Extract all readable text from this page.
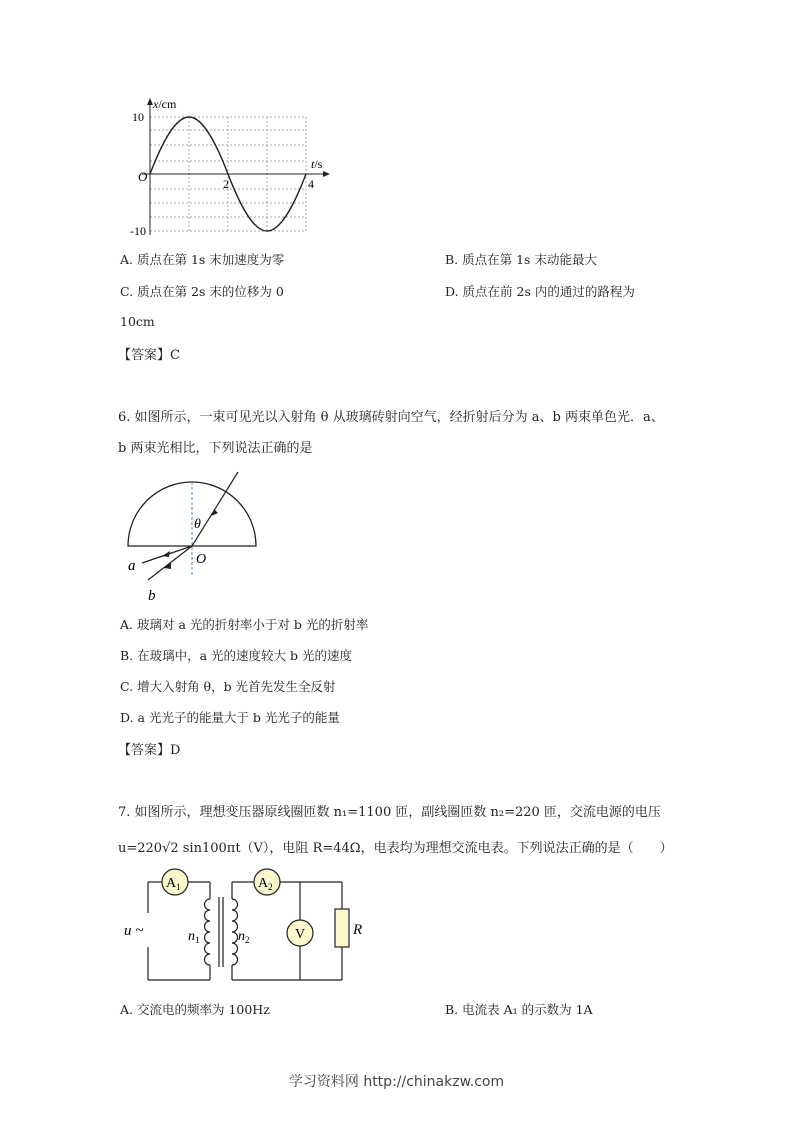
x/cm
10
-10
O	2	4
t/s
A. 质点在第 1s 末加速度为零	B. 质点在第 1s 末动能最大
C. 质点在第 2s 末的位移为 0	D. 质点在前 2s 内的通过的路程为
10cm
【答案】C
6. 如图所示，一束可见光以入射角 θ 从玻璃砖射向空气，经折射后分为 a、b 两束单色光．a、
b 两束光相比，下列说法正确的是
θ
O
a
b
A. 玻璃对 a 光的折射率小于对 b 光的折射率
B. 在玻璃中，a 光的速度较大 b 光的速度
C. 增大入射角 θ，b 光首先发生全反射
D. a 光光子的能量大于 b 光光子的能量
【答案】D
7. 如图所示，理想变压器原线圈匝数 n₁=1100 匝，副线圈匝数 n₂=220 匝，交流电源的电压
u=220√2 sin100πt（V），电阻 R=44Ω，电表均为理想交流电表。下列说法正确的是（　　）
$A_1$	$A_2$
V	R
u ~	$n_1$	$n_2$
A. 交流电的频率为 100Hz	B. 电流表 A₁ 的示数为 1A
学习资料网 http://chinakzw.com
